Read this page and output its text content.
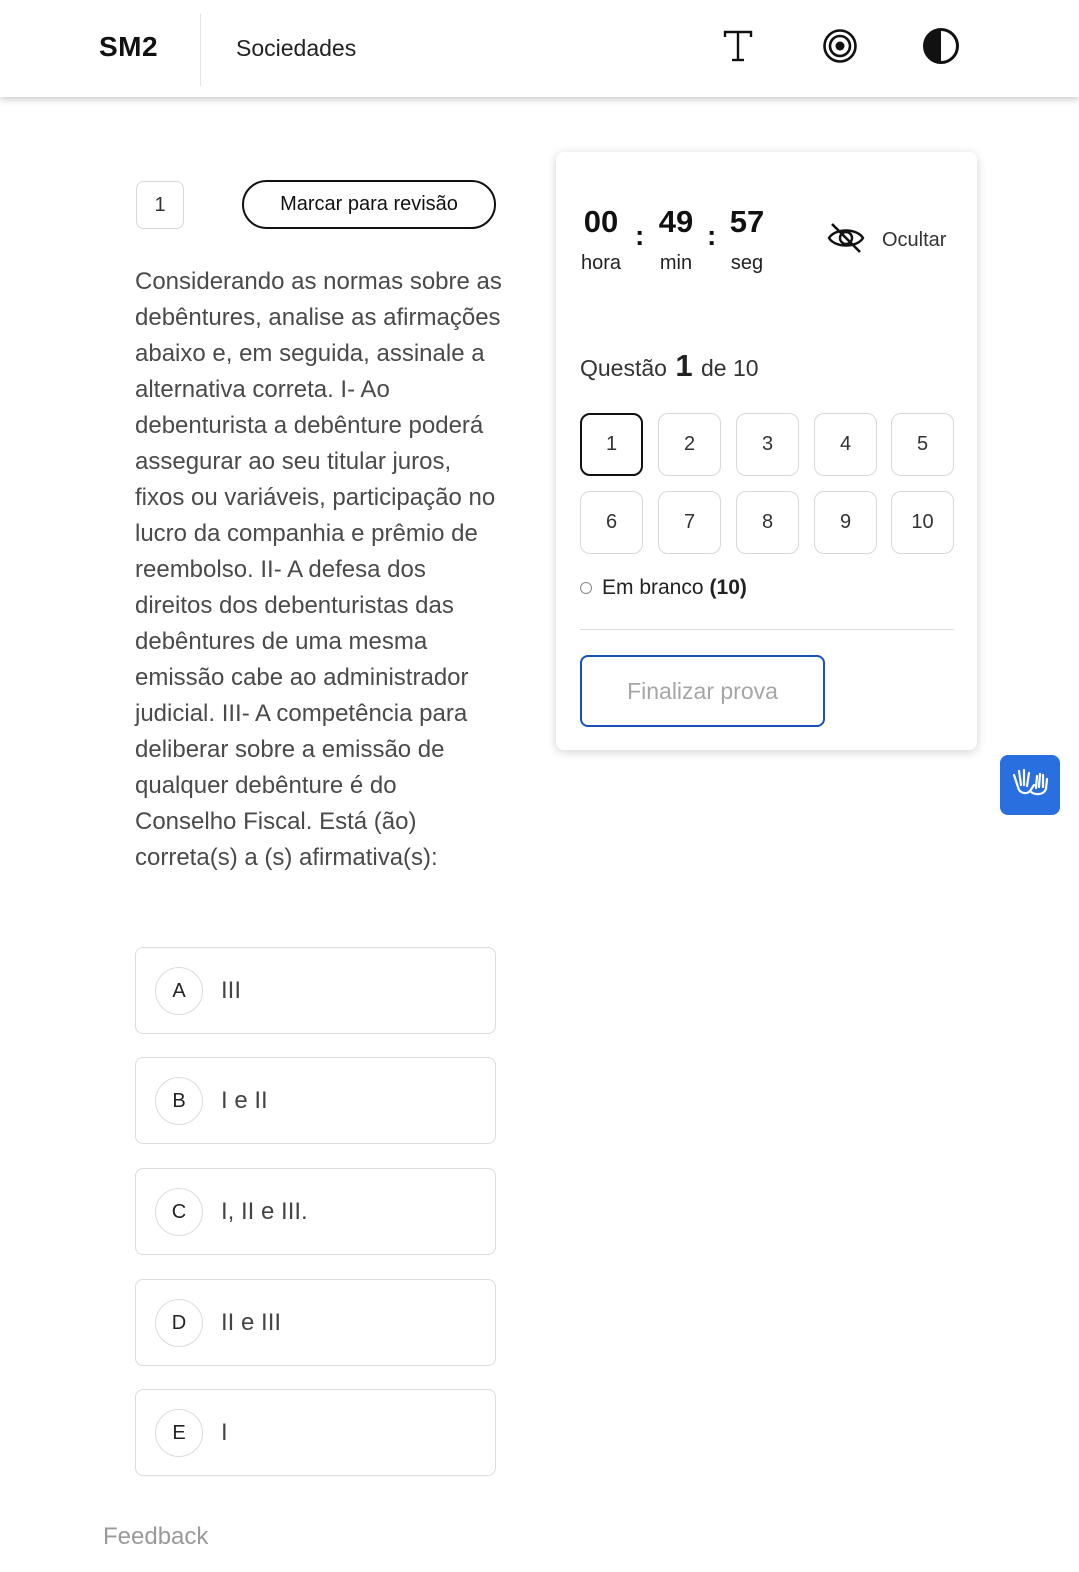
SM2	Sociedades
1	Marcar para revisão
Considerando as normas sobre as debêntures, analise as afirmações abaixo e, em seguida, assinale a alternativa correta. I- Ao debenturista a debênture poderá assegurar ao seu titular juros, fixos ou variáveis, participação no lucro da companhia e prêmio de reembolso. II- A defesa dos direitos dos debenturistas das debêntures de uma mesma emissão cabe ao administrador judicial. III- A competência para deliberar sobre a emissão de qualquer debênture é do Conselho Fiscal. Está (ão) correta(s) a (s) afirmativa(s):
A	III
B	I e II
C	I, II e III.
D	II e III
E	I
Feedback
00 : 49 : 57
hora	min	seg
Ocultar
Questão 1 de 10
1	2	3	4	5
6	7	8	9	10
Em branco (10)
Finalizar prova
